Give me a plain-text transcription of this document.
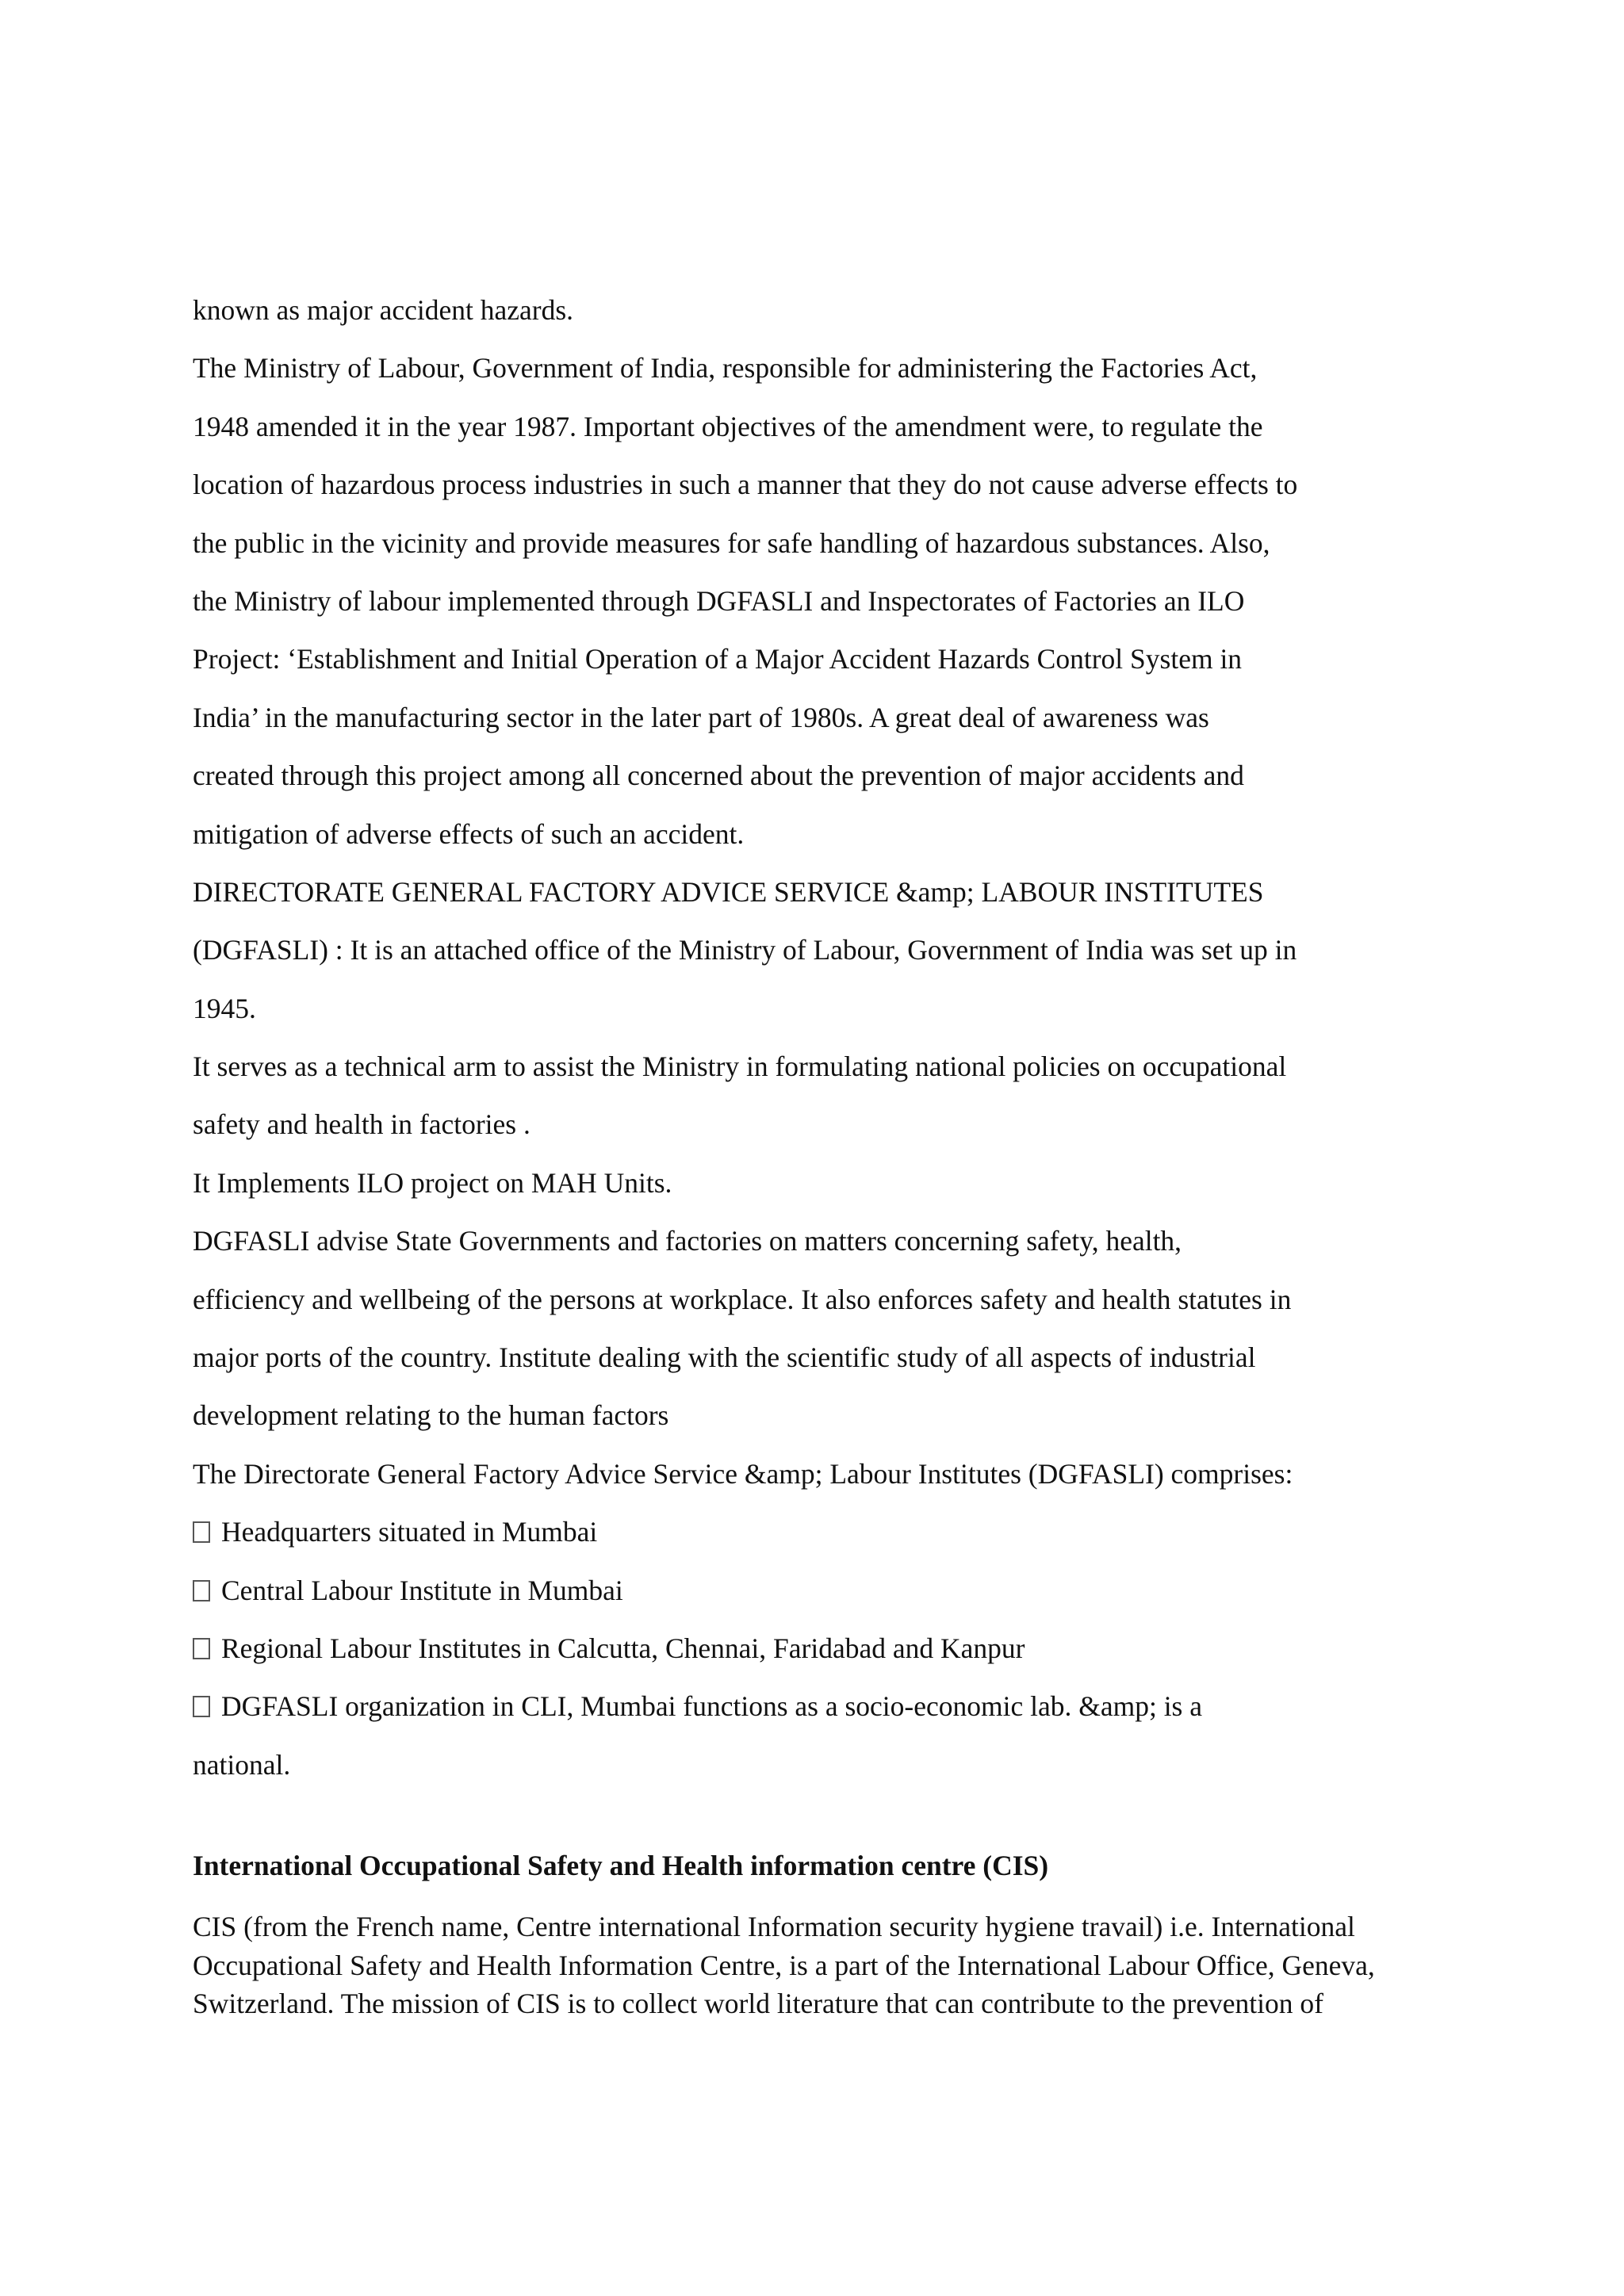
known as major accident hazards.
The Ministry of Labour, Government of India, responsible for administering the Factories Act,
1948 amended it in the year 1987. Important objectives of the amendment were, to regulate the
location of hazardous process industries in such a manner that they do not cause adverse effects to
the public in the vicinity and provide measures for safe handling of hazardous substances. Also,
the Ministry of labour implemented through DGFASLI and Inspectorates of Factories an ILO
Project: ‘Establishment and Initial Operation of a Major Accident Hazards Control System in
India’ in the manufacturing sector in the later part of 1980s. A great deal of awareness was
created through this project among all concerned about the prevention of major accidents and
mitigation of adverse effects of such an accident.
DIRECTORATE GENERAL FACTORY ADVICE SERVICE &amp; LABOUR INSTITUTES
(DGFASLI) : It is an attached office of the Ministry of Labour, Government of India was set up in
1945.
It serves as a technical arm to assist the Ministry in formulating national policies on occupational
safety and health in factories .
It Implements ILO project on MAH Units.
DGFASLI advise State Governments and factories on matters concerning safety, health,
efficiency and wellbeing of the persons at workplace. It also enforces safety and health statutes in
major ports of the country. Institute dealing with the scientific study of all aspects of industrial
development relating to the human factors
The Directorate General Factory Advice Service &amp; Labour Institutes (DGFASLI) comprises:
Headquarters situated in Mumbai
Central Labour Institute in Mumbai
Regional Labour Institutes in Calcutta, Chennai, Faridabad and Kanpur
DGFASLI organization in CLI, Mumbai functions as a socio-economic lab. &amp; is a
national.
International Occupational Safety and Health information centre (CIS)
CIS (from the French name, Centre international Information security hygiene travail) i.e. International
Occupational Safety and Health Information Centre, is a part of the International Labour Office, Geneva,
Switzerland. The mission of CIS is to collect world literature that can contribute to the prevention of
